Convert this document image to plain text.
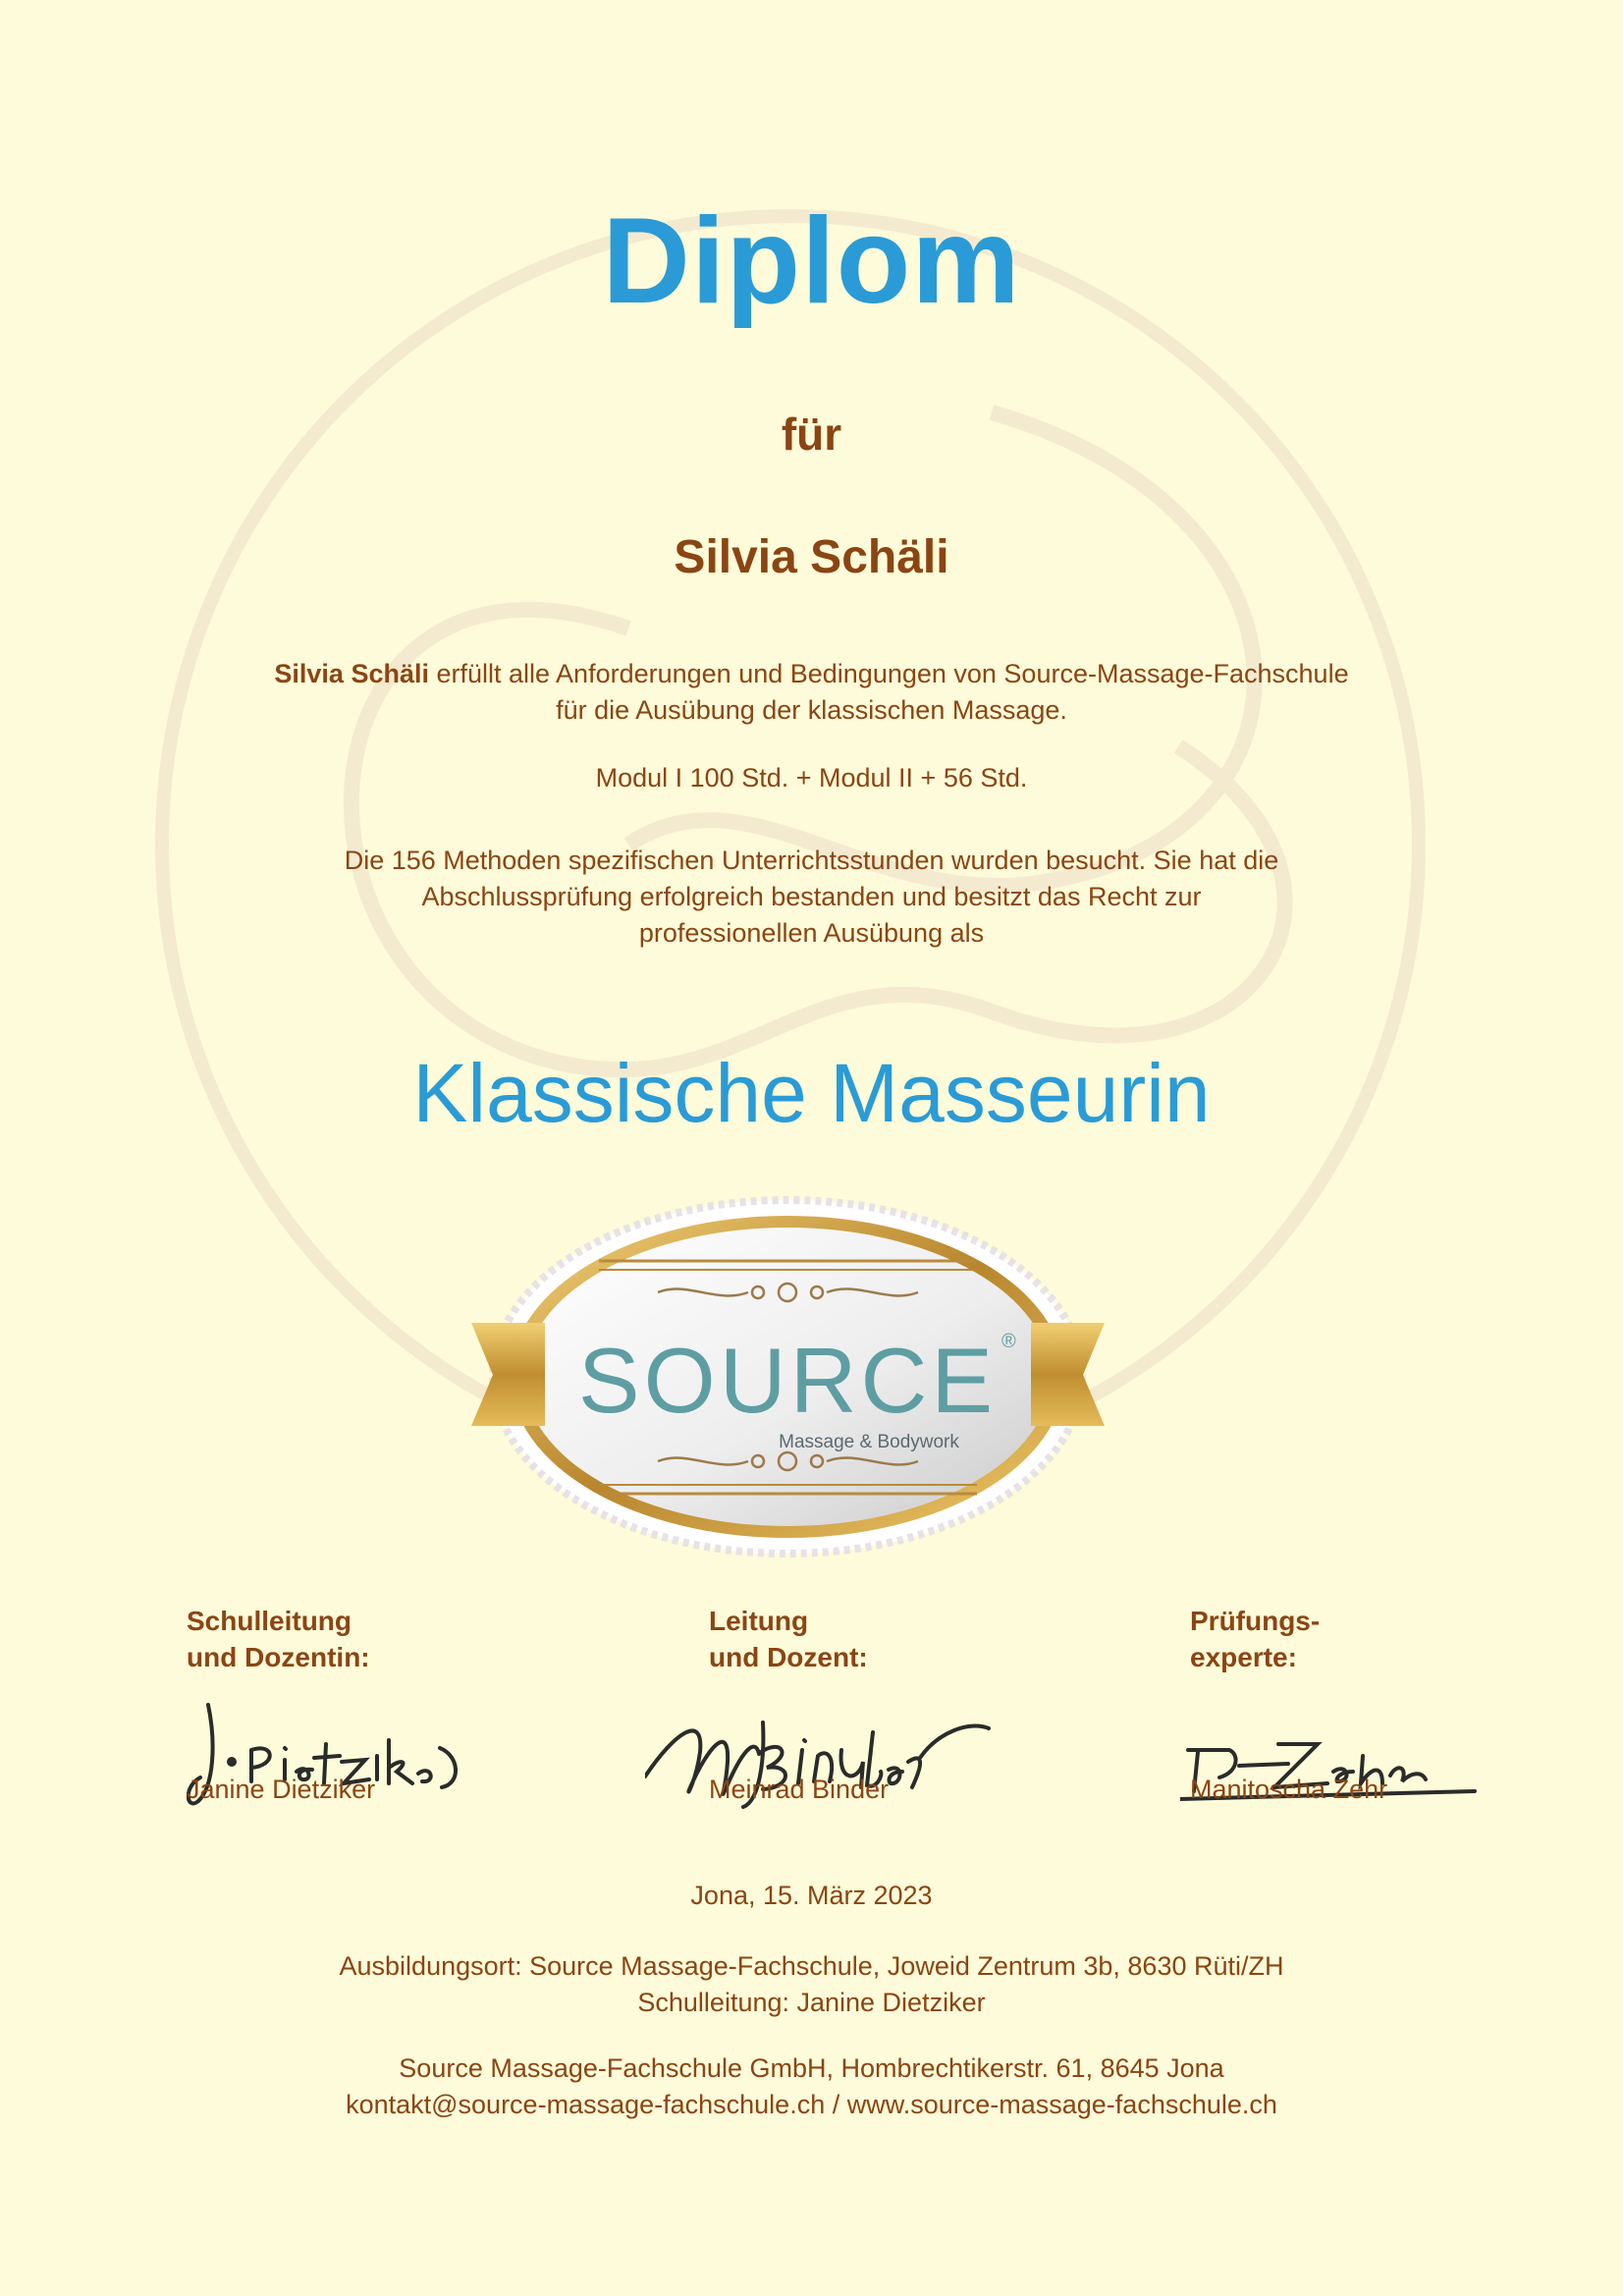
Diplom

für

Silvia Schäli

Silvia Schäli erfüllt alle Anforderungen und Bedingungen von Source-Massage-Fachschule
für die Ausübung der klassischen Massage.

Modul I 100 Std. + Modul II + 56 Std.

Die 156 Methoden spezifischen Unterrichtsstunden wurden besucht. Sie hat die
Abschlussprüfung erfolgreich bestanden und besitzt das Recht zur
professionellen Ausübung als

Klassische Masseurin

SOURCE ®
Massage & Bodywork

Schulleitung

und Dozentin:

Janine Dietziker

Leitung

und Dozent:

Meinrad Binder

Prüfungs-

experte:

Manitoscha Zehr

Jona, 15. März 2023

Ausbildungsort: Source Massage-Fachschule, Joweid Zentrum 3b, 8630 Rüti/ZH
Schulleitung: Janine Dietziker
Source Massage-Fachschule GmbH, Hombrechtikerstr. 61, 8645 Jona
kontakt@source-massage-fachschule.ch / www.source-massage-fachschule.ch
